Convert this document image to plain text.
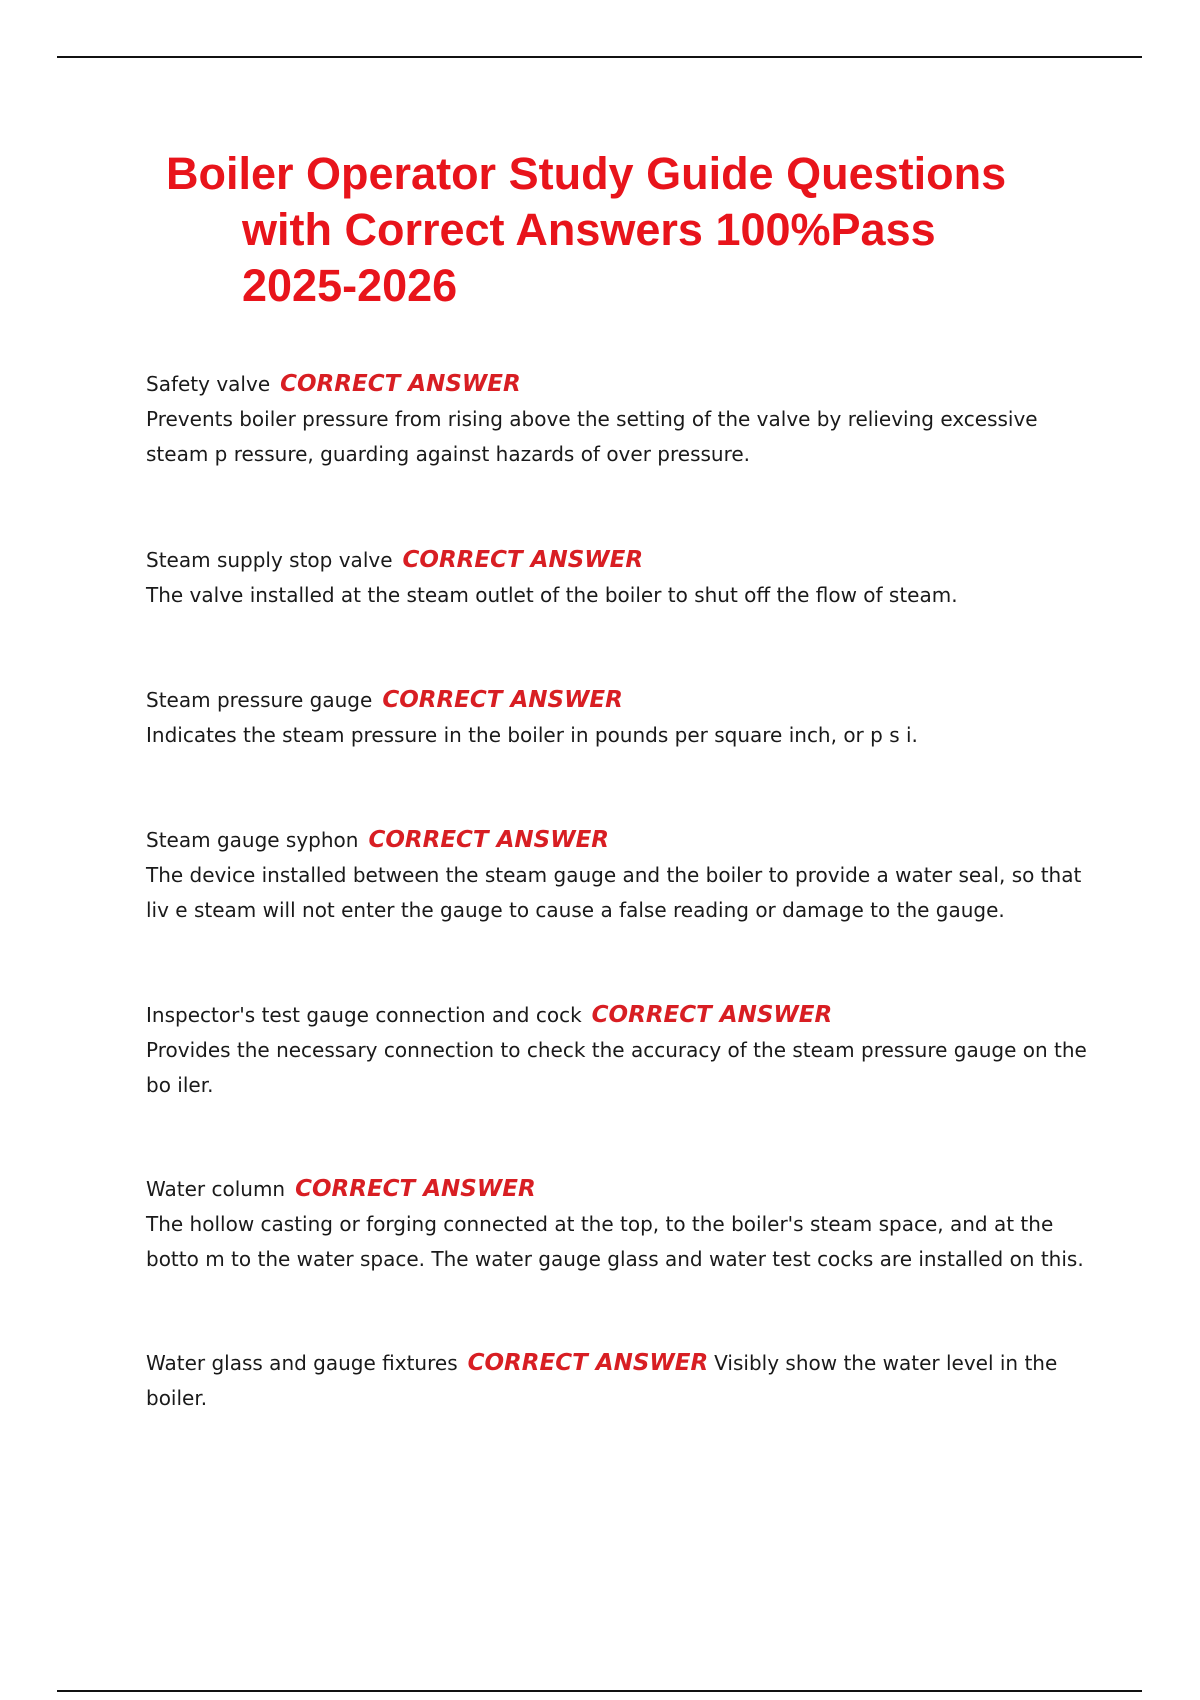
Boiler Operator Study Guide Questions
with Correct Answers 100%Pass
2025-2026
Safety valve CORRECT ANSWER
Prevents boiler pressure from rising above the setting of the valve by relieving excessive steam p ressure, guarding against hazards of over pressure.
Steam supply stop valve CORRECT ANSWER
The valve installed at the steam outlet of the boiler to shut off the flow of steam.
Steam pressure gauge CORRECT ANSWER
Indicates the steam pressure in the boiler in pounds per square inch, or p s i.
Steam gauge syphon CORRECT ANSWER
The device installed between the steam gauge and the boiler to provide a water seal, so that liv e steam will not enter the gauge to cause a false reading or damage to the gauge.
Inspector's test gauge connection and cock CORRECT ANSWER
Provides the necessary connection to check the accuracy of the steam pressure gauge on the bo iler.
Water column CORRECT ANSWER
The hollow casting or forging connected at the top, to the boiler's steam space, and at the botto m to the water space. The water gauge glass and water test cocks are installed on this.
Water glass and gauge fixtures CORRECT ANSWER Visibly show the water level in the boiler.
